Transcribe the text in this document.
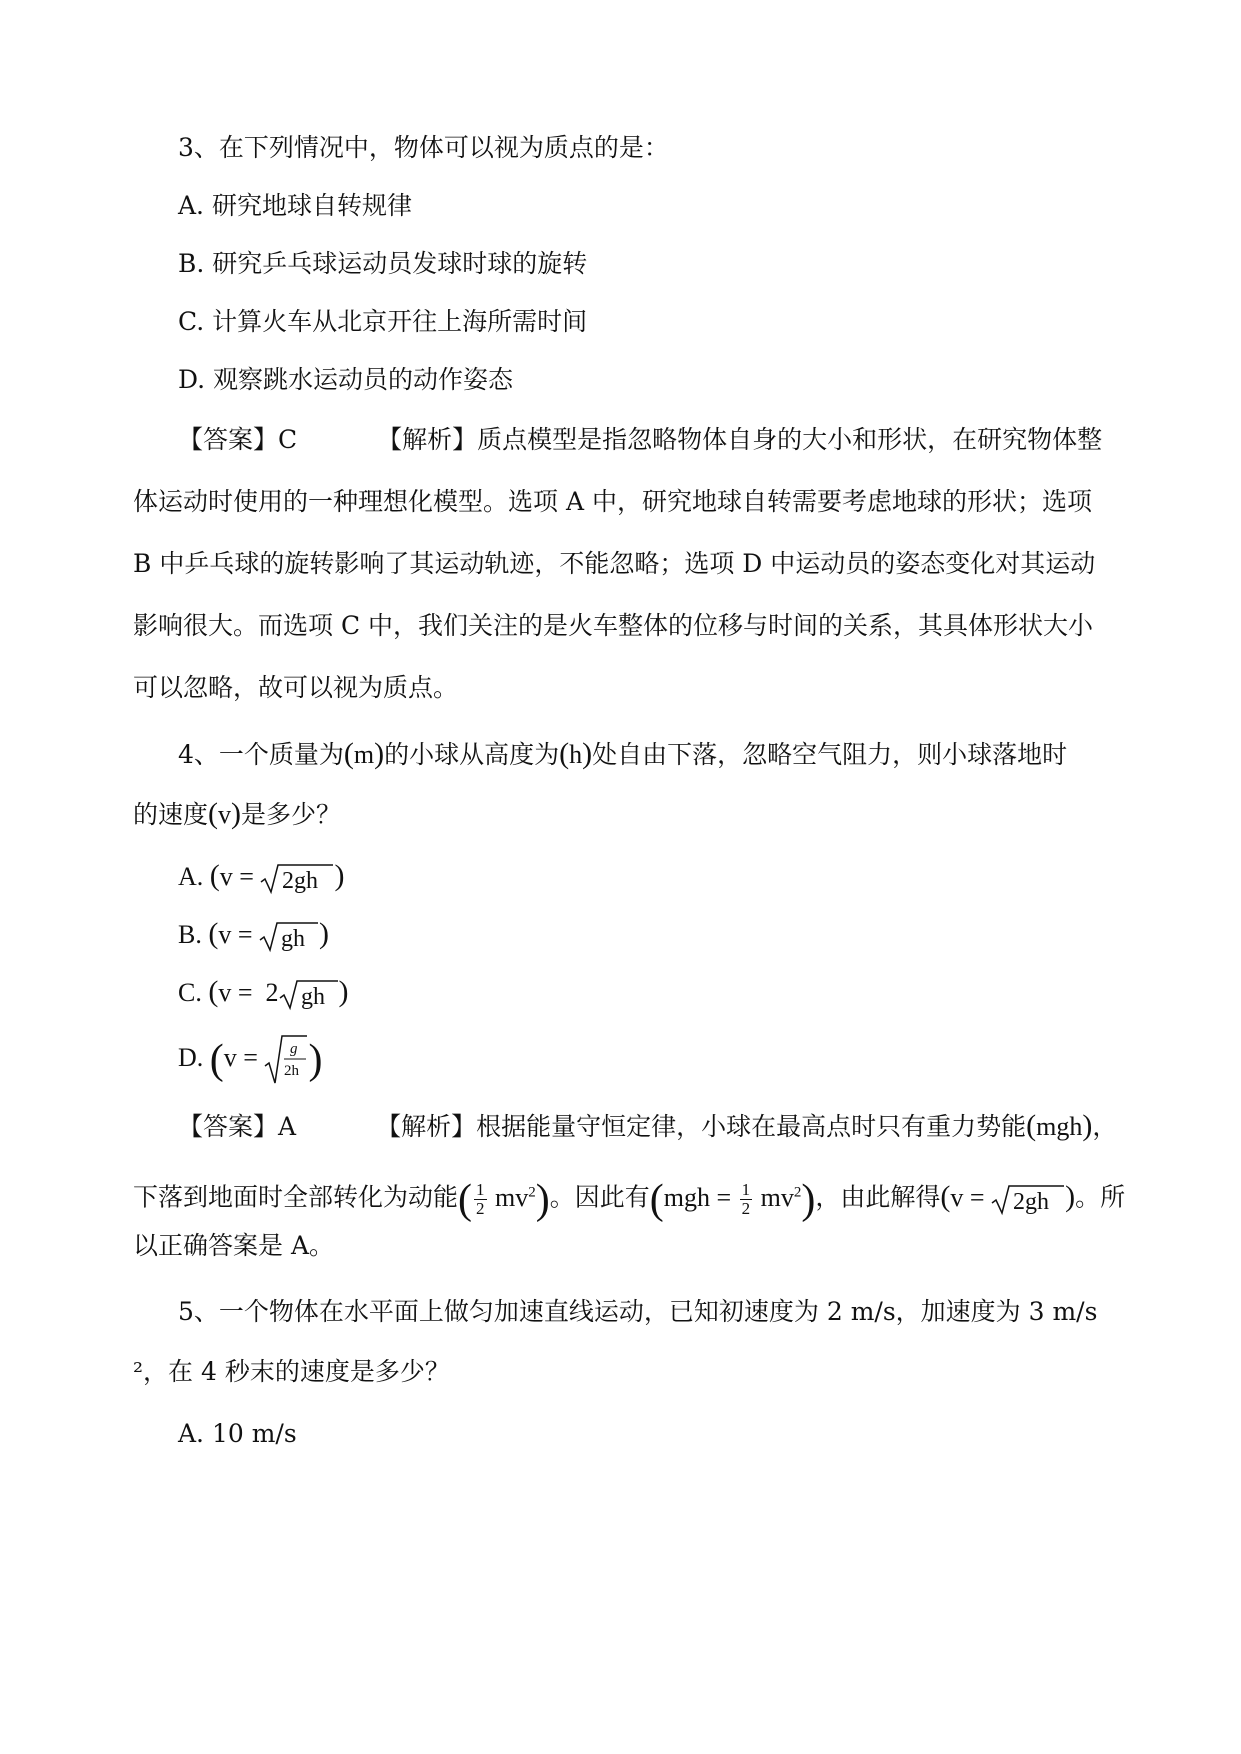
3、在下列情况中，物体可以视为质点的是：
A. 研究地球自转规律
B. 研究乒乓球运动员发球时球的旋转
C. 计算火车从北京开往上海所需时间
D. 观察跳水运动员的动作姿态
【答案】C	【解析】质点模型是指忽略物体自身的大小和形状，在研究物体整
体运动时使用的一种理想化模型。选项 A 中，研究地球自转需要考虑地球的形状；选项
B 中乒乓球的旋转影响了其运动轨迹，不能忽略；选项 D 中运动员的姿态变化对其运动
影响很大。而选项 C 中，我们关注的是火车整体的位移与时间的关系，其具体形状大小
可以忽略，故可以视为质点。
4、一个质量为(m)的小球从高度为(h)处自由下落，忽略空气阻力，则小球落地时
的速度(v)是多少？
A. (v = 2gh )
B. (v = gh )
C. (v =  2 gh )
D. (v = g
2h )
【答案】A	【解析】根据能量守恒定律，小球在最高点时只有重力势能(mgh)，
下落到地面时全部转化为动能( $\frac{1}{2} mv^2$)。因此有$(mgh = \frac{1}{2} mv^2)$，由此解得(v = 2gh )。所
以正确答案是 A。
5、一个物体在水平面上做匀加速直线运动，已知初速度为 2 m/s，加速度为 3 m/s
²，在 4 秒末的速度是多少？
A. 10 m/s
